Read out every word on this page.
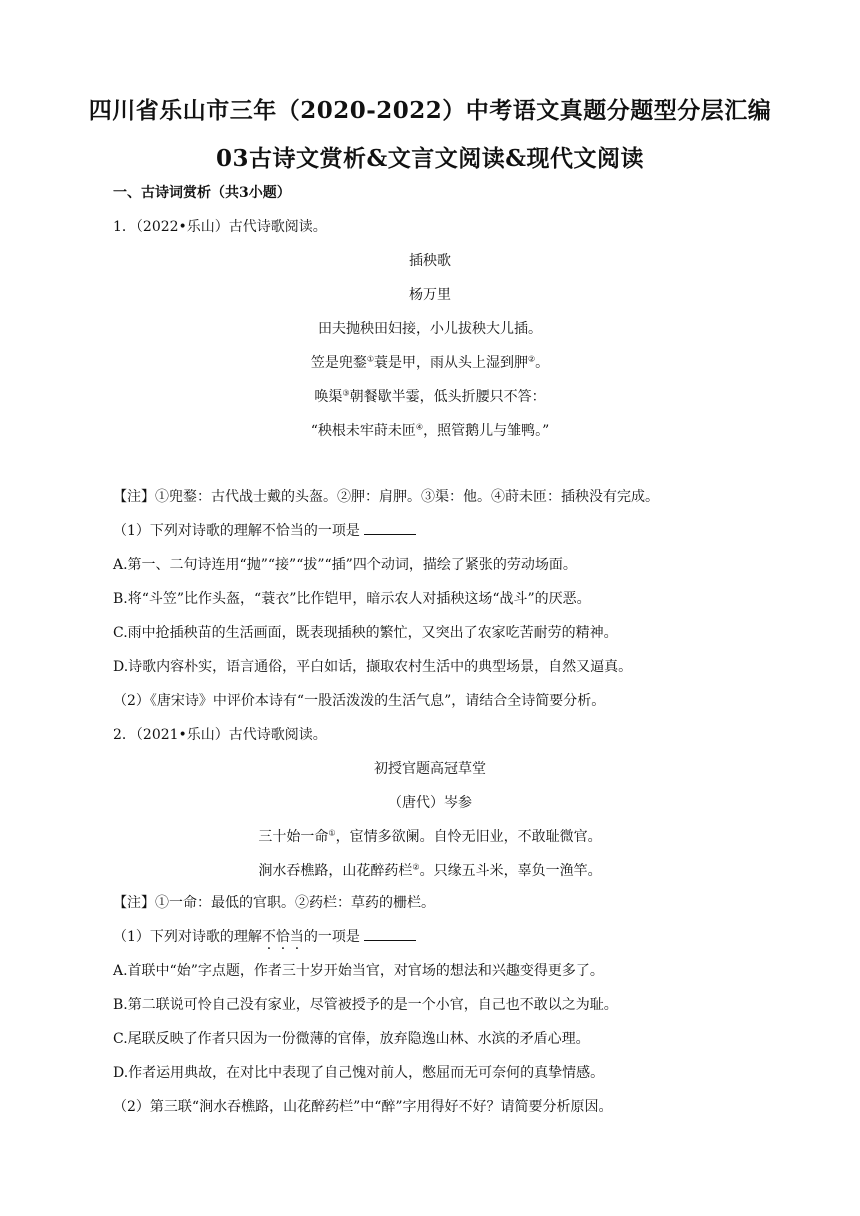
四川省乐山市三年（2020-2022）中考语文真题分题型分层汇编
03古诗文赏析&文言文阅读&现代文阅读
一、古诗词赏析（共3小题）
1．（2022•乐山）古代诗歌阅读。
插秧歌
杨万里
田夫抛秧田妇接，小儿拔秧大儿插。
笠是兜鍪①蓑是甲，雨从头上湿到胛②。
唤渠③朝餐歇半霎，低头折腰只不答：
“秧根未牢莳未匝④，照管鹅儿与雏鸭。”
【注】①兜鍪：古代战士戴的头盔。②胛：肩胛。③渠：他。④莳未匝：插秧没有完成。
（1）下列对诗歌的理解不恰当的一项是
A.第一、二句诗连用“抛”“接”“拔”“插”四个动词，描绘了紧张的劳动场面。
B.将“斗笠”比作头盔，“蓑衣”比作铠甲，暗示农人对插秧这场“战斗”的厌恶。
C.雨中抢插秧苗的生活画面，既表现插秧的繁忙，又突出了农家吃苦耐劳的精神。
D.诗歌内容朴实，语言通俗，平白如话，撷取农村生活中的典型场景，自然又逼真。
（2）《唐宋诗》中评价本诗有“一股活泼泼的生活气息”，请结合全诗简要分析。
2．（2021•乐山）古代诗歌阅读。
初授官题高冠草堂
（唐代）岑参
三十始一命①，宦情多欲阑。自怜无旧业，不敢耻微官。
涧水吞樵路，山花醉药栏②。只缘五斗米，辜负一渔竿。
【注】①一命：最低的官职。②药栏：草药的栅栏。
（1）下列对诗歌的理解不恰当的一项是
A.首联中“始”字点题，作者三十岁开始当官，对官场的想法和兴趣变得更多了。
B.第二联说可怜自己没有家业，尽管被授予的是一个小官，自己也不敢以之为耻。
C.尾联反映了作者只因为一份微薄的官俸，放弃隐逸山林、水滨的矛盾心理。
D.作者运用典故，在对比中表现了自己愧对前人，憋屈而无可奈何的真挚情感。
（2）第三联“涧水吞樵路，山花醉药栏”中“醉”字用得好不好？请简要分析原因。
